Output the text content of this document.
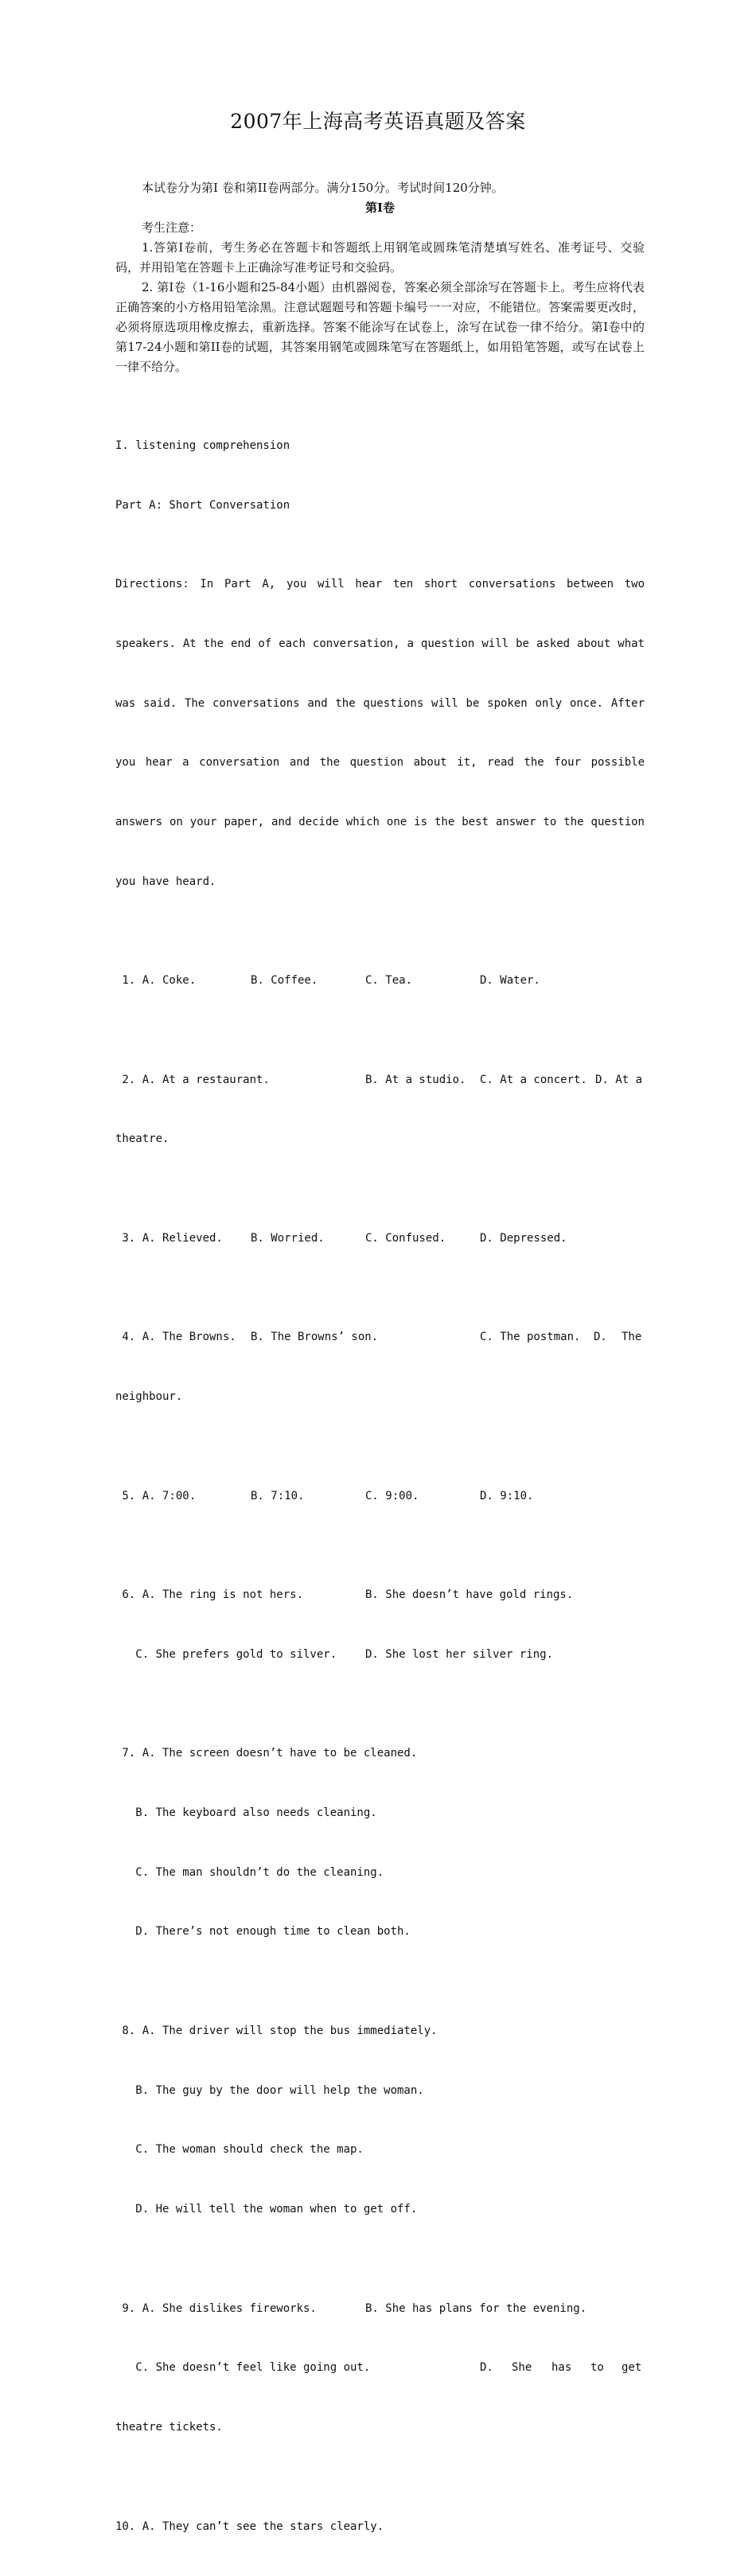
2007年上海高考英语真题及答案

本试卷分为第I 卷和第II卷两部分。满分150分。考试时间120分钟。

第I卷

考生注意：

1.答第I卷前，考生务必在答题卡和答题纸上用钢笔或圆珠笔清楚填写姓名、准考证号、交验码，并用铅笔在答题卡上正确涂写准考证号和交验码。

2. 第I卷（1-16小题和25-84小题）由机器阅卷，答案必须全部涂写在答题卡上。考生应将代表正确答案的小方格用铅笔涂黑。注意试题题号和答题卡编号一一对应，不能错位。答案需要更改时，必须将原选项用橡皮擦去，重新选择。答案不能涂写在试卷上，涂写在试卷一律不给分。第I卷中的第17-24小题和第II卷的试题，其答案用钢笔或圆珠笔写在答题纸上，如用铅笔答题，或写在试卷上一律不给分。

I. listening comprehension

Part A: Short Conversation

Directions: In Part A, you will hear ten short conversations between two

speakers. At the end of each conversation, a question will be asked about what

was said. The conversations and the questions will be spoken only once. After

you hear a conversation and the question about it, read the four possible

answers on your paper, and decide which one is the best answer to the question

you have heard.

1. A. Coke.

	B. Coffee.

	C. Tea.

	D. Water.

2. A. At a restaurant.

	B. At a studio.

C. At a concert.

D. At a

theatre.

3. A. Relieved.

	B. Worried.

	C. Confused.

	D. Depressed.

4. A. The Browns.

B. The Browns’ son.

	C. The postman.

D.

The

neighbour.

5. A. 7:00.

	B. 7:10.

	C. 9:00.

	D. 9:10.

6. A. The ring is not hers.

	B. She doesn’t have gold rings.

C. She prefers gold to silver.

	D. She lost her silver ring.

7. A. The screen doesn’t have to be cleaned.

B. The keyboard also needs cleaning.

C. The man shouldn’t do the cleaning.

D. There’s not enough time to clean both.

8. A. The driver will stop the bus immediately.

B. The guy by the door will help the woman.

C. The woman should check the map.

D. He will tell the woman when to get off.

9. A. She dislikes fireworks.

	B. She has plans for the evening.

C. She doesn’t feel like going out.

	D.

She

has

to

get

theatre tickets.

10. A. They can’t see the stars clearly.
